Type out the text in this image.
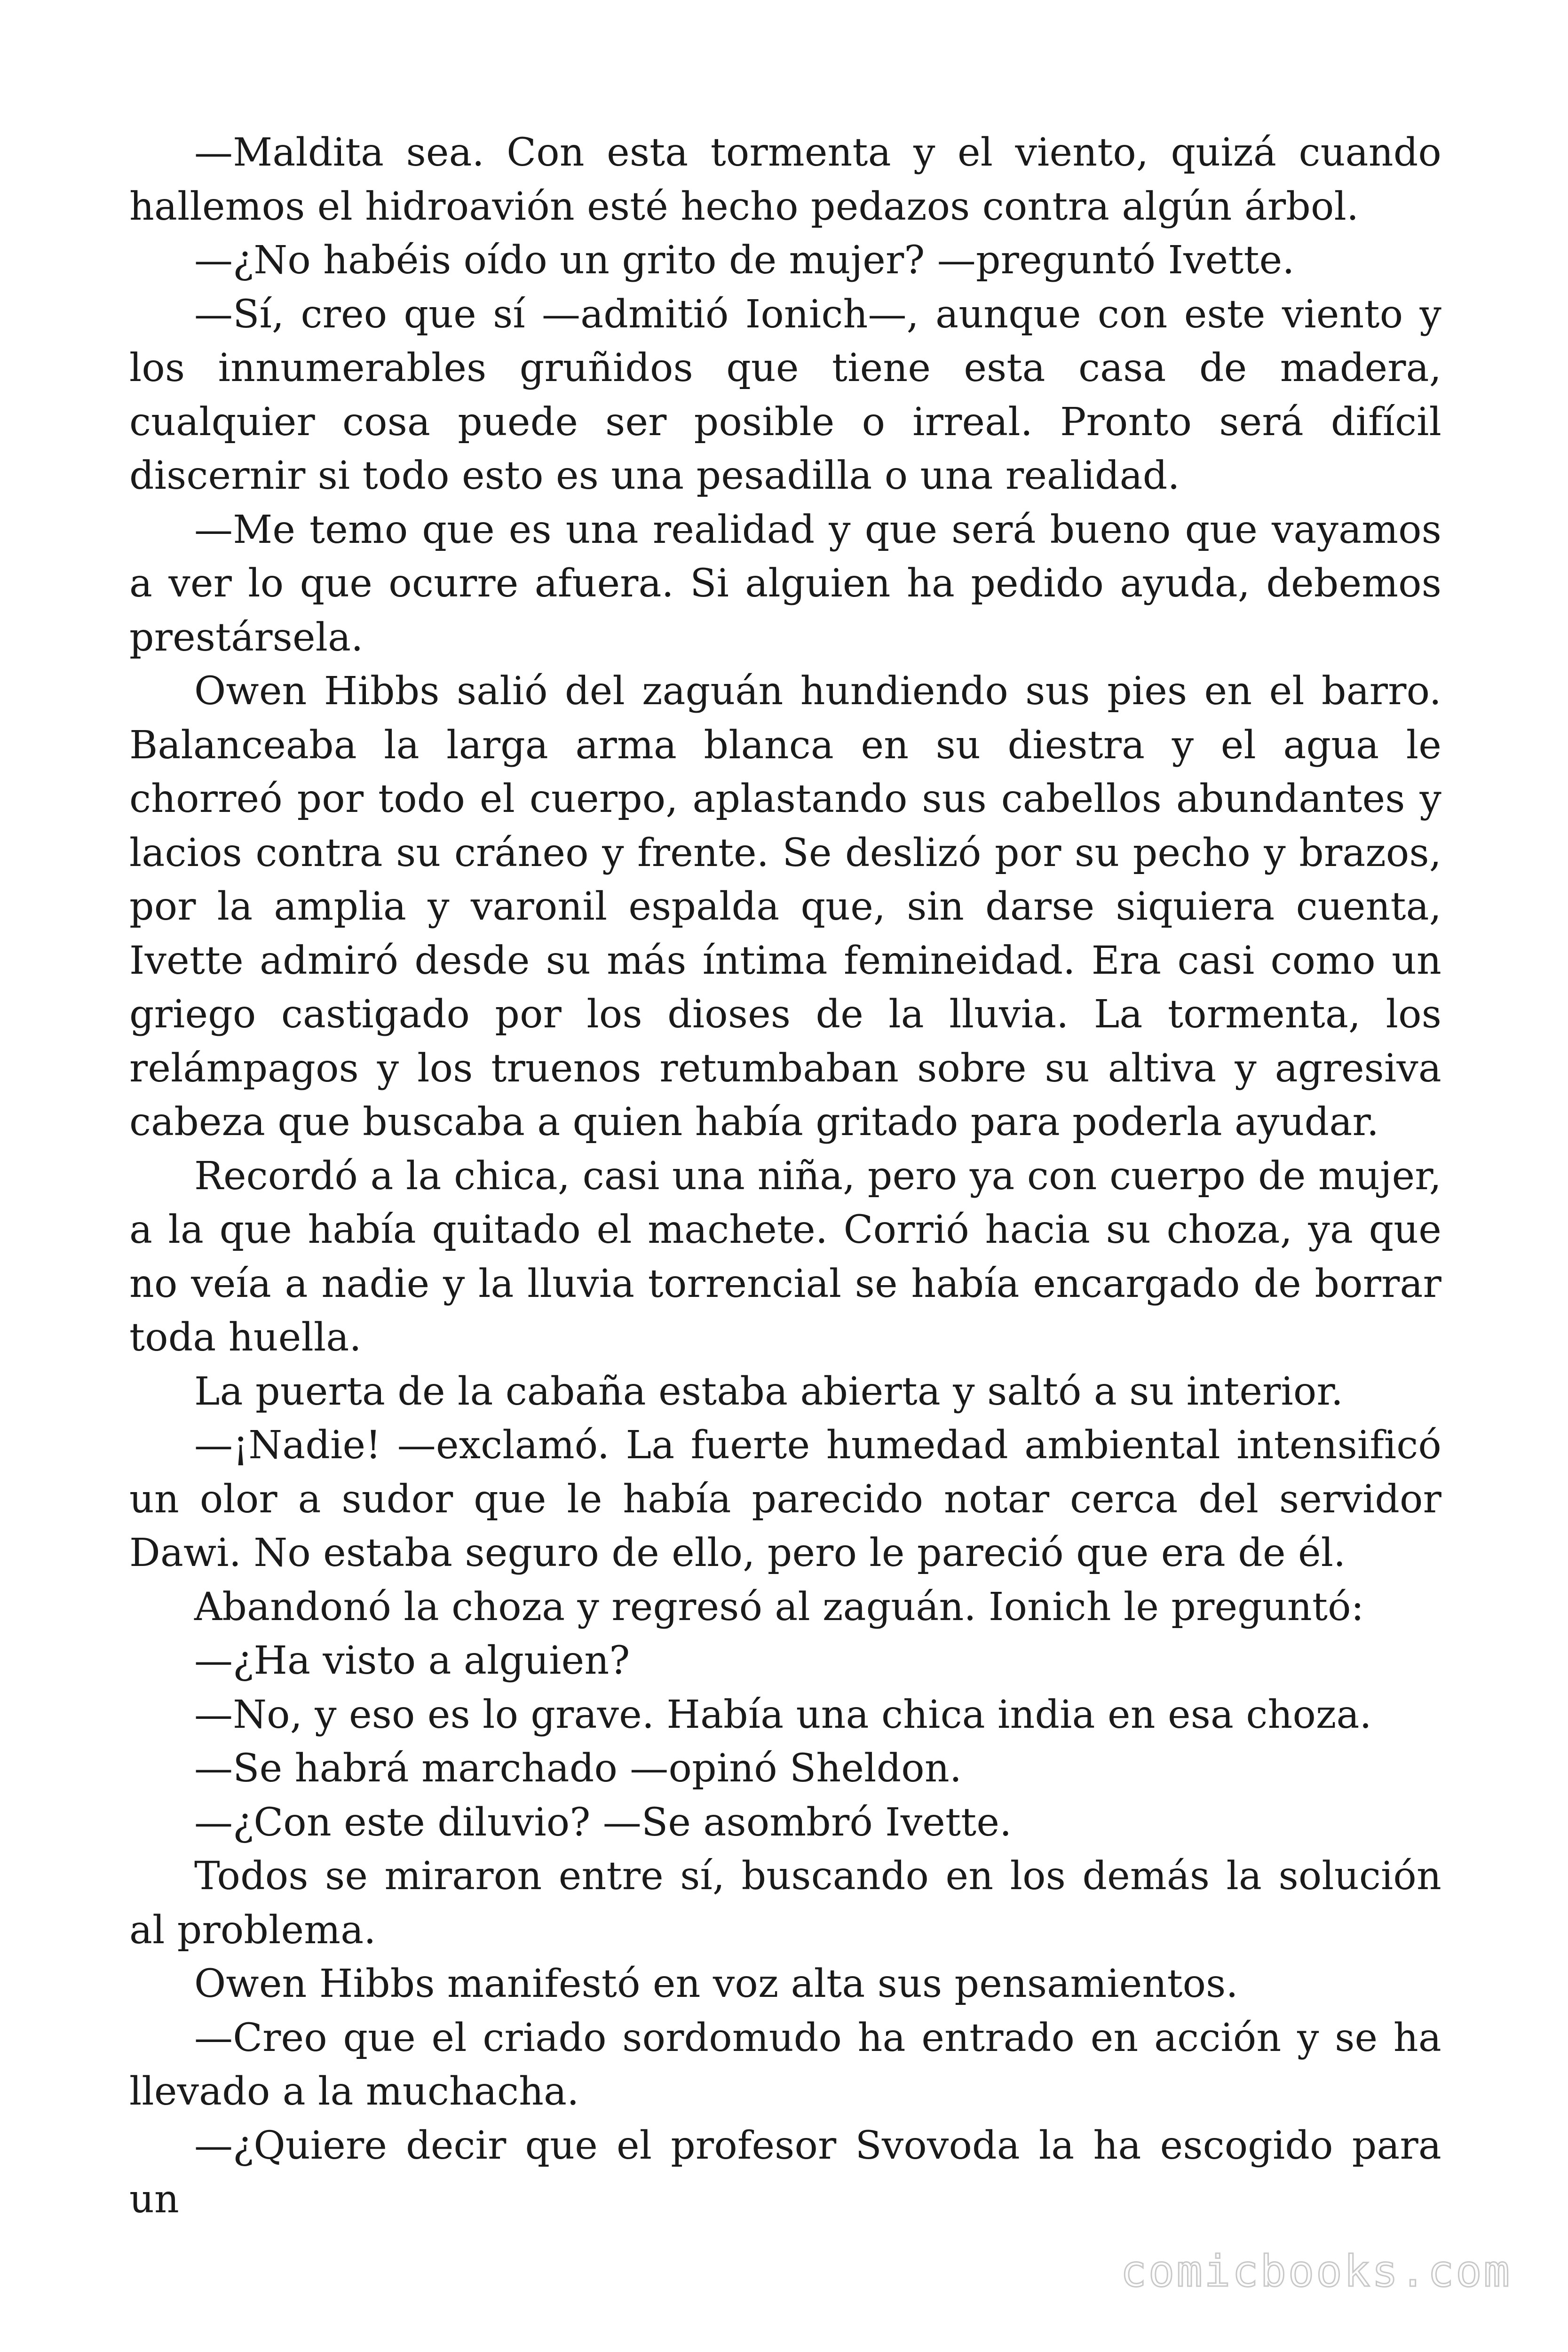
—Maldita sea. Con esta tormenta y el viento, quizá cuando hallemos el hidroavión esté hecho pedazos contra algún árbol.

—¿No habéis oído un grito de mujer? —preguntó Ivette.

—Sí, creo que sí —admitió Ionich—, aunque con este viento y los innumerables gruñidos que tiene esta casa de madera, cualquier cosa puede ser posible o irreal. Pronto será difícil discernir si todo esto es una pesadilla o una realidad.

—Me temo que es una realidad y que será bueno que vayamos a ver lo que ocurre afuera. Si alguien ha pedido ayuda, debemos prestársela.

Owen Hibbs salió del zaguán hundiendo sus pies en el barro. Balanceaba la larga arma blanca en su diestra y el agua le chorreó por todo el cuerpo, aplastando sus cabellos abundantes y lacios contra su cráneo y frente. Se deslizó por su pecho y brazos, por la amplia y varonil espalda que, sin darse siquiera cuenta, Ivette admiró desde su más íntima femineidad. Era casi como un griego castigado por los dioses de la lluvia. La tormenta, los relámpagos y los truenos retumbaban sobre su altiva y agresiva cabeza que buscaba a quien había gritado para poderla ayudar.

Recordó a la chica, casi una niña, pero ya con cuerpo de mujer, a la que había quitado el machete. Corrió hacia su choza, ya que no veía a nadie y la lluvia torrencial se había encargado de borrar toda huella.

La puerta de la cabaña estaba abierta y saltó a su interior.

—¡Nadie! —exclamó. La fuerte humedad ambiental intensificó un olor a sudor que le había parecido notar cerca del servidor Dawi. No estaba seguro de ello, pero le pareció que era de él.

Abandonó la choza y regresó al zaguán. Ionich le preguntó:

—¿Ha visto a alguien?

—No, y eso es lo grave. Había una chica india en esa choza.

—Se habrá marchado —opinó Sheldon.

—¿Con este diluvio? —Se asombró Ivette.

Todos se miraron entre sí, buscando en los demás la solución al problema.

Owen Hibbs manifestó en voz alta sus pensamientos.

—Creo que el criado sordomudo ha entrado en acción y se ha llevado a la muchacha.

—¿Quiere decir que el profesor Svovoda la ha escogido para un

comicbooks.com
